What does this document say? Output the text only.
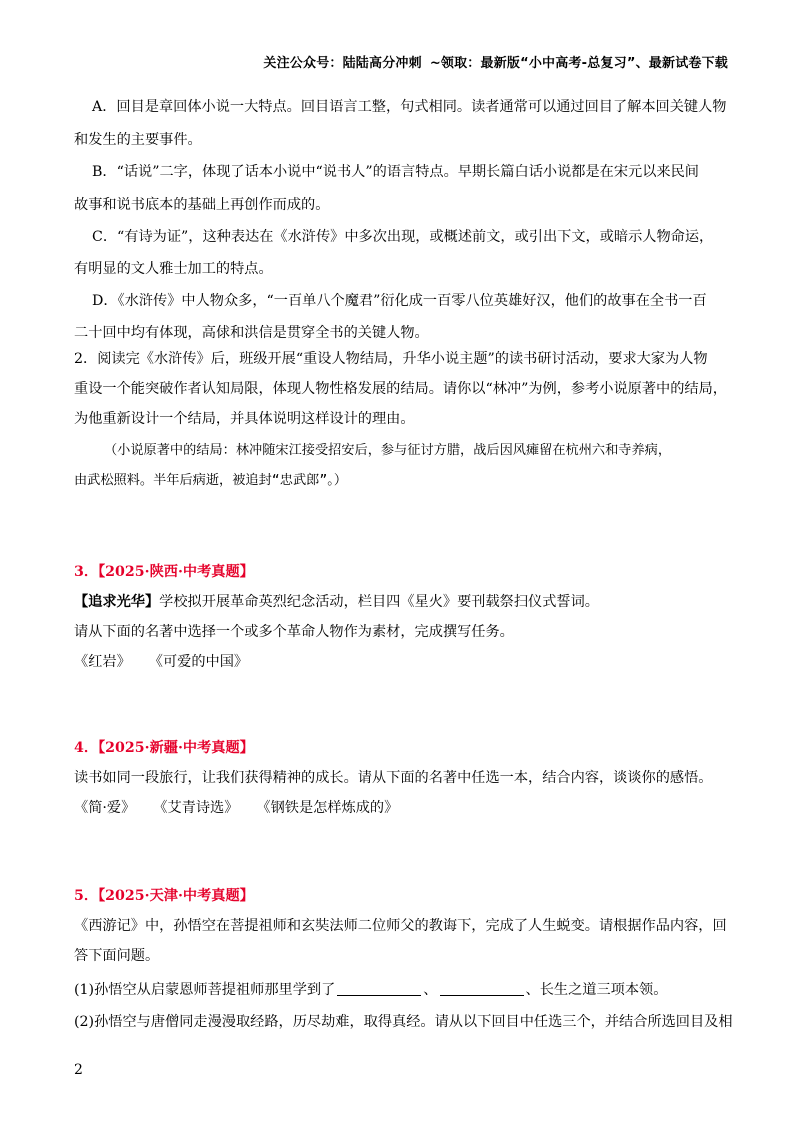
关注公众号：陆陆高分冲刺 ~领取：最新版“小中高考-总复习”、最新试卷下载
A．回目是章回体小说一大特点。回目语言工整，句式相同。读者通常可以通过回目了解本回关键人物
和发生的主要事件。
B．“话说”二字，体现了话本小说中“说书人”的语言特点。早期长篇白话小说都是在宋元以来民间
故事和说书底本的基础上再创作而成的。
C．“有诗为证”，这种表达在《水浒传》中多次出现，或概述前文，或引出下文，或暗示人物命运，
有明显的文人雅士加工的特点。
D．《水浒传》中人物众多，“一百单八个魔君”衍化成一百零八位英雄好汉，他们的故事在全书一百
二十回中均有体现，高俅和洪信是贯穿全书的关键人物。
2．阅读完《水浒传》后，班级开展“重设人物结局，升华小说主题”的读书研讨活动，要求大家为人物
重设一个能突破作者认知局限，体现人物性格发展的结局。请你以“林冲”为例，参考小说原著中的结局，
为他重新设计一个结局，并具体说明这样设计的理由。
（小说原著中的结局：林冲随宋江接受招安后，参与征讨方腊，战后因风瘫留在杭州六和寺养病，
由武松照料。半年后病逝，被追封“忠武郎”。）
3．【2025·陕西·中考真题】
【追求光华】学校拟开展革命英烈纪念活动，栏目四《星火》要刊载祭扫仪式誓词。
请从下面的名著中选择一个或多个革命人物作为素材，完成撰写任务。
《红岩》 《可爱的中国》
4．【2025·新疆·中考真题】
读书如同一段旅行，让我们获得精神的成长。请从下面的名著中任选一本，结合内容，谈谈你的感悟。
《简·爱》 《艾青诗选》 《钢铁是怎样炼成的》
5．【2025·天津·中考真题】
《西游记》中，孙悟空在菩提祖师和玄奘法师二位师父的教诲下，完成了人生蜕变。请根据作品内容，回
答下面问题。
(1)孙悟空从启蒙恩师菩提祖师那里学到了	、	、长生之道三项本领。
(2)孙悟空与唐僧同走漫漫取经路，历尽劫难，取得真经。请从以下回目中任选三个，并结合所选回目及相
2
